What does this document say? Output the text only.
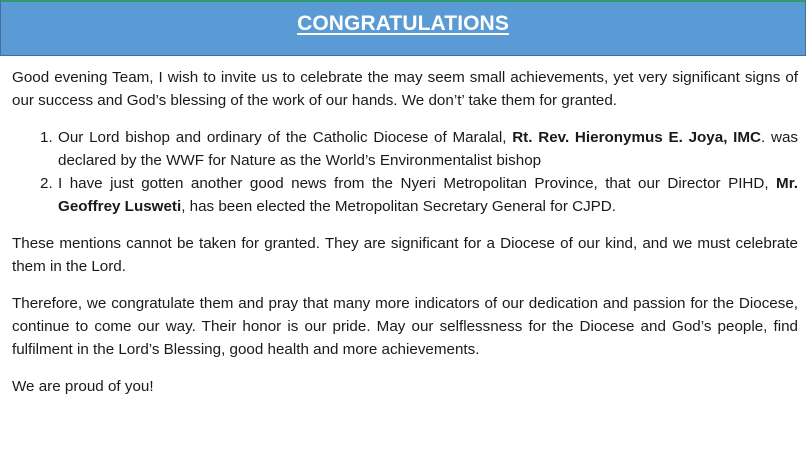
CONGRATULATIONS

Good evening Team, I wish to invite us to celebrate the may seem small achievements, yet very significant signs of our success and God’s blessing of the work of our hands. We don’t’ take them for granted.

1. Our Lord bishop and ordinary of the Catholic Diocese of Maralal, Rt. Rev. Hieronymus E. Joya, IMC. was declared by the WWF for Nature as the World’s Environmentalist bishop
2. I have just gotten another good news from the Nyeri Metropolitan Province, that our Director PIHD, Mr. Geoffrey Lusweti, has been elected the Metropolitan Secretary General for CJPD.

These mentions cannot be taken for granted. They are significant for a Diocese of our kind, and we must celebrate them in the Lord.

Therefore, we congratulate them and pray that many more indicators of our dedication and passion for the Diocese, continue to come our way. Their honor is our pride. May our selflessness for the Diocese and God’s people, find fulfilment in the Lord’s Blessing, good health and more achievements.

We are proud of you!
